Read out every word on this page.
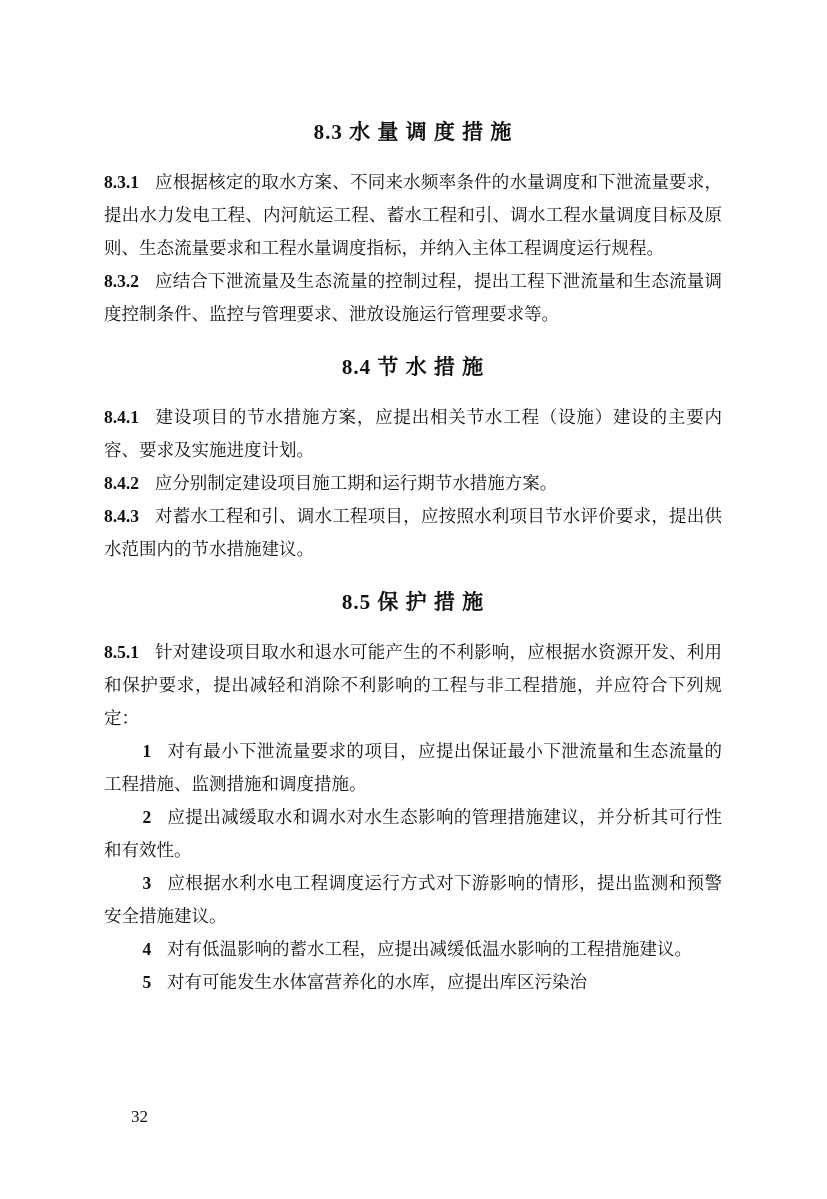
8.3 水 量 调 度 措 施

8.3.1 应根据核定的取水方案、不同来水频率条件的水量调度和下泄流量要求，提出水力发电工程、内河航运工程、蓄水工程和引、调水工程水量调度目标及原则、生态流量要求和工程水量调度指标，并纳入主体工程调度运行规程。

8.3.2 应结合下泄流量及生态流量的控制过程，提出工程下泄流量和生态流量调度控制条件、监控与管理要求、泄放设施运行管理要求等。

8.4 节 水 措 施

8.4.1 建设项目的节水措施方案，应提出相关节水工程（设施）建设的主要内容、要求及实施进度计划。

8.4.2 应分别制定建设项目施工期和运行期节水措施方案。

8.4.3 对蓄水工程和引、调水工程项目，应按照水利项目节水评价要求，提出供水范围内的节水措施建议。

8.5 保 护 措 施

8.5.1 针对建设项目取水和退水可能产生的不利影响，应根据水资源开发、利用和保护要求，提出减轻和消除不利影响的工程与非工程措施，并应符合下列规定：

1 对有最小下泄流量要求的项目，应提出保证最小下泄流量和生态流量的工程措施、监测措施和调度措施。

2 应提出减缓取水和调水对水生态影响的管理措施建议，并分析其可行性和有效性。

3 应根据水利水电工程调度运行方式对下游影响的情形，提出监测和预警安全措施建议。

4 对有低温影响的蓄水工程，应提出减缓低温水影响的工程措施建议。

5 对有可能发生水体富营养化的水库，应提出库区污染治

32
